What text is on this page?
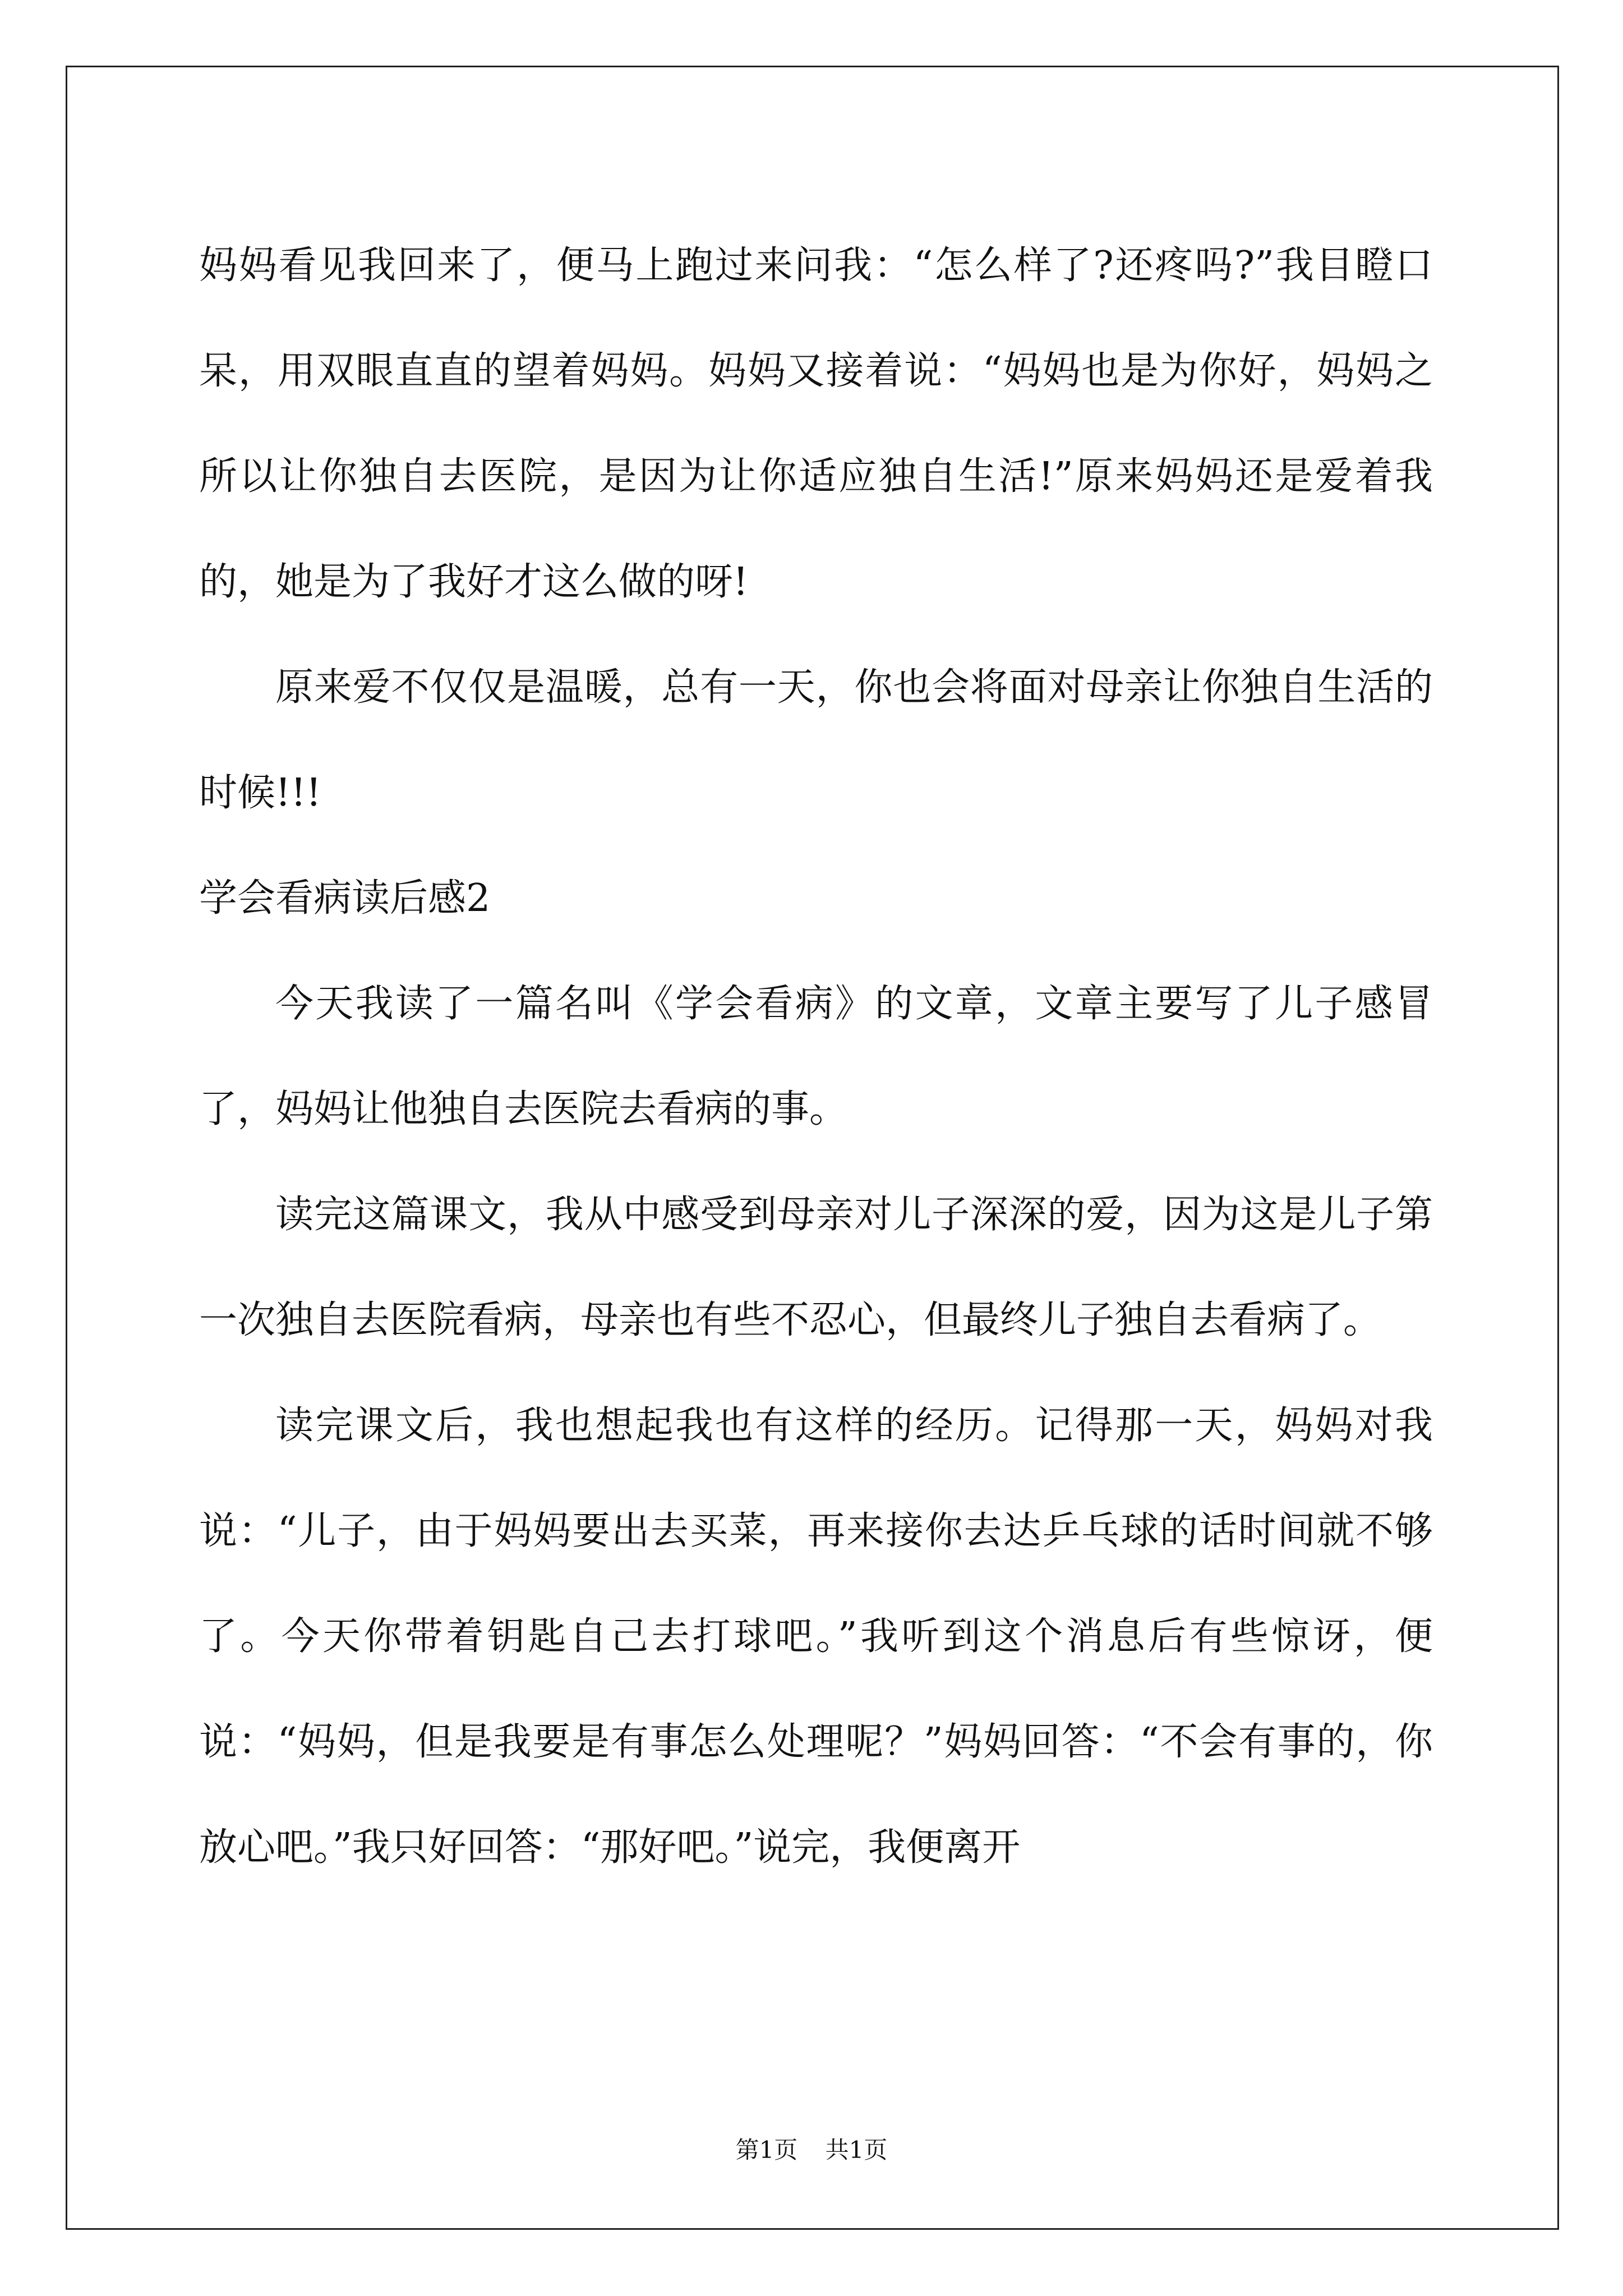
妈妈看见我回来了，便马上跑过来问我：“怎么样了?还疼吗?”我目瞪口呆，用双眼直直的望着妈妈。妈妈又接着说：“妈妈也是为你好，妈妈之所以让你独自去医院，是因为让你适应独自生活!”原来妈妈还是爱着我的，她是为了我好才这么做的呀!

原来爱不仅仅是温暖，总有一天，你也会将面对母亲让你独自生活的时候!!!

学会看病读后感2

今天我读了一篇名叫《学会看病》的文章，文章主要写了儿子感冒了，妈妈让他独自去医院去看病的事。

读完这篇课文，我从中感受到母亲对儿子深深的爱，因为这是儿子第一次独自去医院看病，母亲也有些不忍心，但最终儿子独自去看病了。

读完课文后，我也想起我也有这样的经历。记得那一天，妈妈对我说：“儿子，由于妈妈要出去买菜，再来接你去达乒乓球的话时间就不够了。今天你带着钥匙自己去打球吧。”我听到这个消息后有些惊讶，便说：“妈妈，但是我要是有事怎么处理呢？”妈妈回答：“不会有事的，你放心吧。”我只好回答：“那好吧。”说完，我便离开

第1页 共1页
